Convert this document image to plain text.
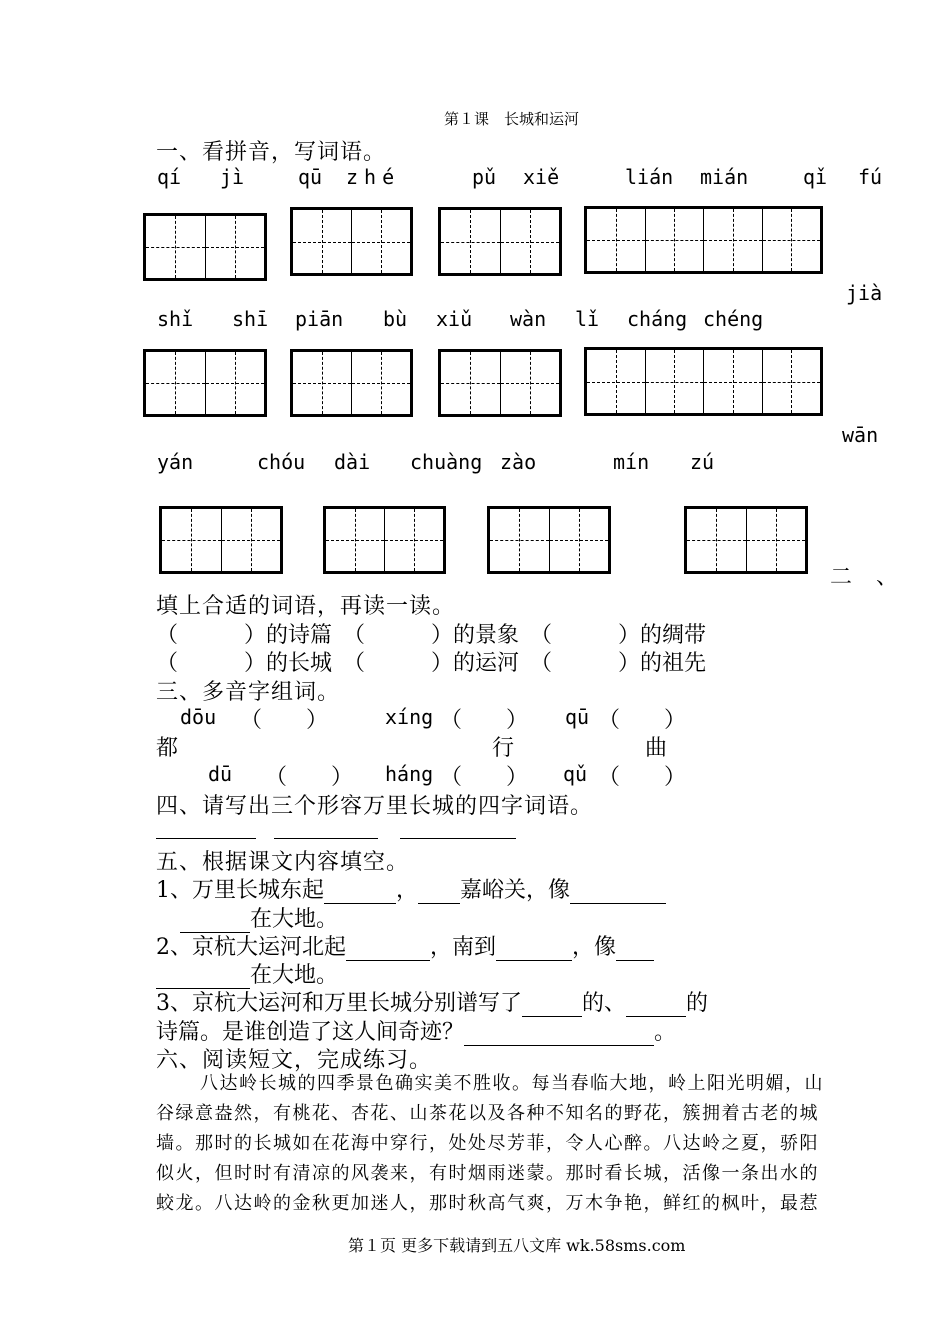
第１课　长城和运河
一、看拼音，写词语。
qí jì	qū zhé	pǔ xiě	lián mián	qǐ fú
jià
shǐ shī piān bù xiǔ wàn lǐ cháng chéng
wān
yán	chóu dài chuàng zào	mín zú
二　、
填上合适的词语，再读一读。
（　　　）的诗篇　（　　　）的景象　（　　　）的绸带
（　　　）的长城　（　　　）的运河　（　　　）的祖先
三、多音字组词。
dōu （　　）	xíng （　　） qū （　　）
都	行	曲
dū （　　） háng （　　） qǔ （　　）
四、请写出三个形容万里长城的四字词语。
五、根据课文内容填空。
1、万里长城东起	， 嘉峪关，像
在大地。
2、京杭大运河北起	，南到	，像
在大地。
3、京杭大运河和万里长城分别谱写了	的、	的
诗篇。是谁创造了这人间奇迹？	。
六、阅读短文，完成练习。
八达岭长城的四季景色确实美不胜收。每当春临大地，岭上阳光明媚，山
谷绿意盎然，有桃花、杏花、山茶花以及各种不知名的野花，簇拥着古老的城
墙。那时的长城如在花海中穿行，处处尽芳菲，令人心醉。八达岭之夏，骄阳
似火，但时时有清凉的风袭来，有时烟雨迷蒙。那时看长城，活像一条出水的
蛟龙。八达岭的金秋更加迷人，那时秋高气爽，万木争艳，鲜红的枫叶，最惹
第１页 更多下载请到五八文库 wk.58sms.com
